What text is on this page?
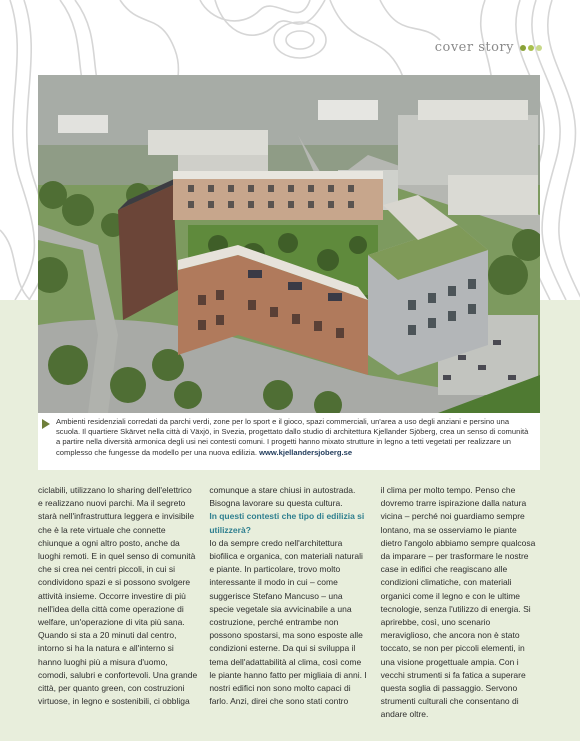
cover story
Ambienti residenziali corredati da parchi verdi, zone per lo sport e il gioco, spazi commerciali, un'area a uso degli anziani e persino una scuola. Il quartiere Skärvet nella città di Växjö, in Svezia, progettato dallo studio di architettura Kjellander Sjöberg, crea un senso di comunità a partire nella diversità armonica degli usi nei contesti comuni. I progetti hanno mixato strutture in legno a tetti vegetati per realizzare un complesso che fungesse da modello per una nuova edilizia. www.kjellandersjoberg.se

ciclabili, utilizzano lo sharing dell'elettrico e realizzano nuovi parchi. Ma il segreto starà nell'infrastruttura leggera e invisibile che è la rete virtuale che connette chiunque a ogni altro posto, anche da luoghi remoti. E in quel senso di comunità che si crea nei centri piccoli, in cui si condividono spazi e si possono svolgere attività insieme. Occorre investire di più nell'idea della città come operazione di welfare, un'operazione di vita più sana. Quando si sta a 20 minuti dal centro, intorno si ha la natura e all'interno si hanno luoghi più a misura d'uomo, comodi, salubri e confortevoli. Una grande città, per quanto green, con costruzioni virtuose, in legno e sostenibili, ci obbliga

comunque a stare chiusi in autostrada. Bisogna lavorare su questa cultura.

In questi contesti che tipo di edilizia si utilizzerà?

Io da sempre credo nell'architettura biofilica e organica, con materiali naturali e piante. In particolare, trovo molto interessante il modo in cui – come suggerisce Stefano Mancuso – una specie vegetale sia avvicinabile a una costruzione, perché entrambe non possono spostarsi, ma sono esposte alle condizioni esterne. Da qui si sviluppa il tema dell'adattabilità al clima, così come le piante hanno fatto per migliaia di anni. I nostri edifici non sono molto capaci di farlo. Anzi, direi che sono stati contro

il clima per molto tempo. Penso che dovremo trarre ispirazione dalla natura vicina – perché noi guardiamo sempre lontano, ma se osserviamo le piante dietro l'angolo abbiamo sempre qualcosa da imparare – per trasformare le nostre case in edifici che reagiscano alle condizioni climatiche, con materiali organici come il legno e con le ultime tecnologie, senza l'utilizzo di energia. Si aprirebbe, così, uno scenario meraviglioso, che ancora non è stato toccato, se non per piccoli elementi, in una visione progettuale ampia. Con i vecchi strumenti si fa fatica a superare questa soglia di passaggio. Servono strumenti culturali che consentano di andare oltre.
